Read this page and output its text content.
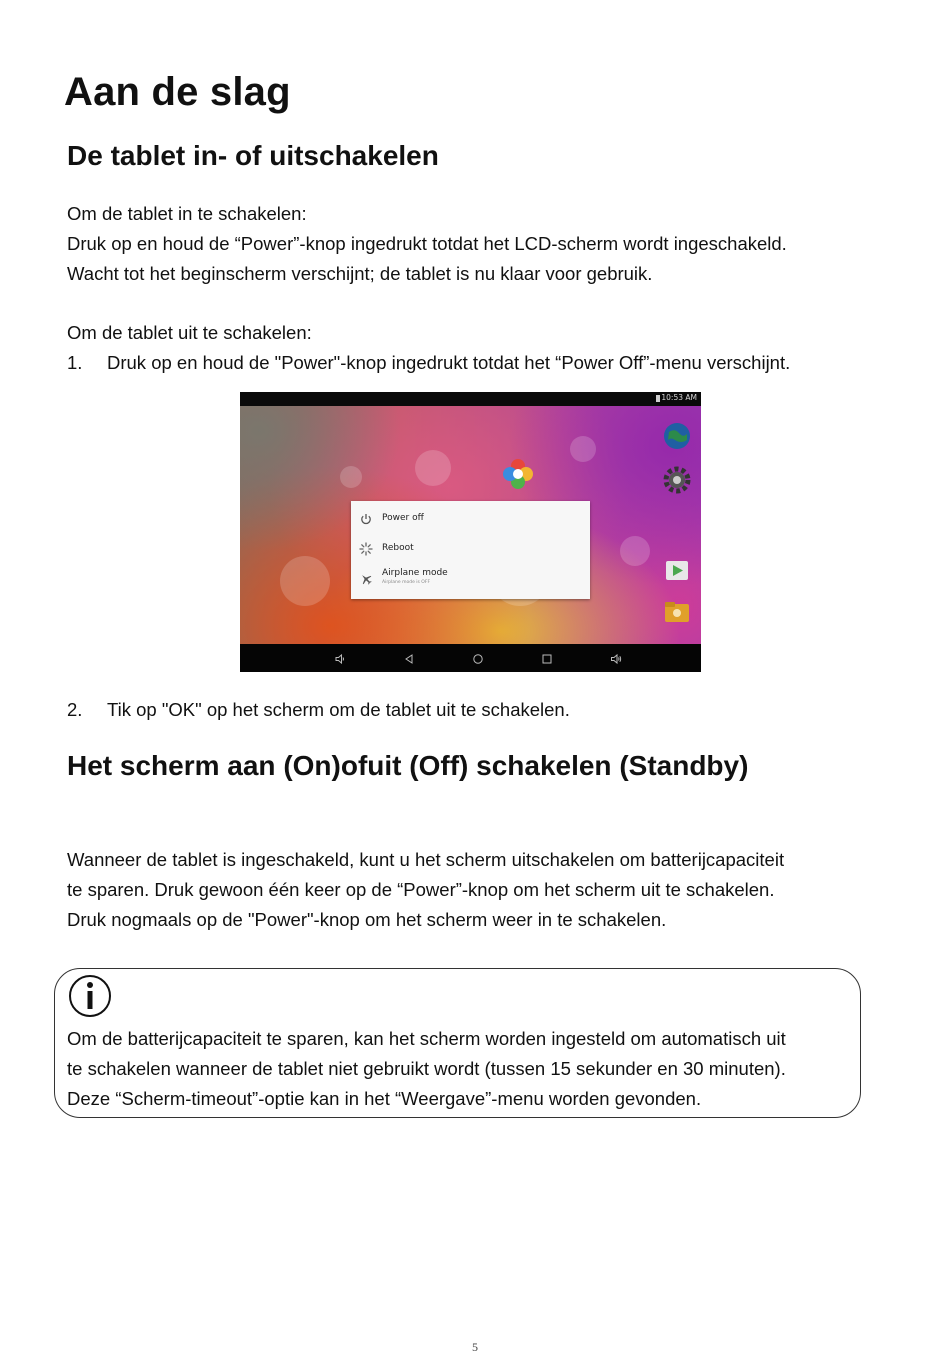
Aan de slag
De tablet in- of uitschakelen
Om de tablet in te schakelen:
Druk op en houd de “Power”-knop ingedrukt totdat het LCD-scherm wordt ingeschakeld.
Wacht tot het beginscherm verschijnt; de tablet is nu klaar voor gebruik.
Om de tablet uit te schakelen:
1. Druk op en houd de "Power"-knop ingedrukt totdat het “Power Off”-menu verschijnt.
10:53 AM
Power off
Reboot
Airplane mode
Airplane mode is OFF
2. Tik op "OK" op het scherm om de tablet uit te schakelen.
Het scherm aan (On)ofuit (Off) schakelen (Standby)
Wanneer de tablet is ingeschakeld, kunt u het scherm uitschakelen om batterijcapaciteit
te sparen. Druk gewoon één keer op de “Power”-knop om het scherm uit te schakelen.
Druk nogmaals op de "Power"-knop om het scherm weer in te schakelen.
Om de batterijcapaciteit te sparen, kan het scherm worden ingesteld om automatisch uit
te schakelen wanneer de tablet niet gebruikt wordt (tussen 15 sekunder en 30 minuten).
Deze “Scherm-timeout”-optie kan in het “Weergave”-menu worden gevonden.
5
